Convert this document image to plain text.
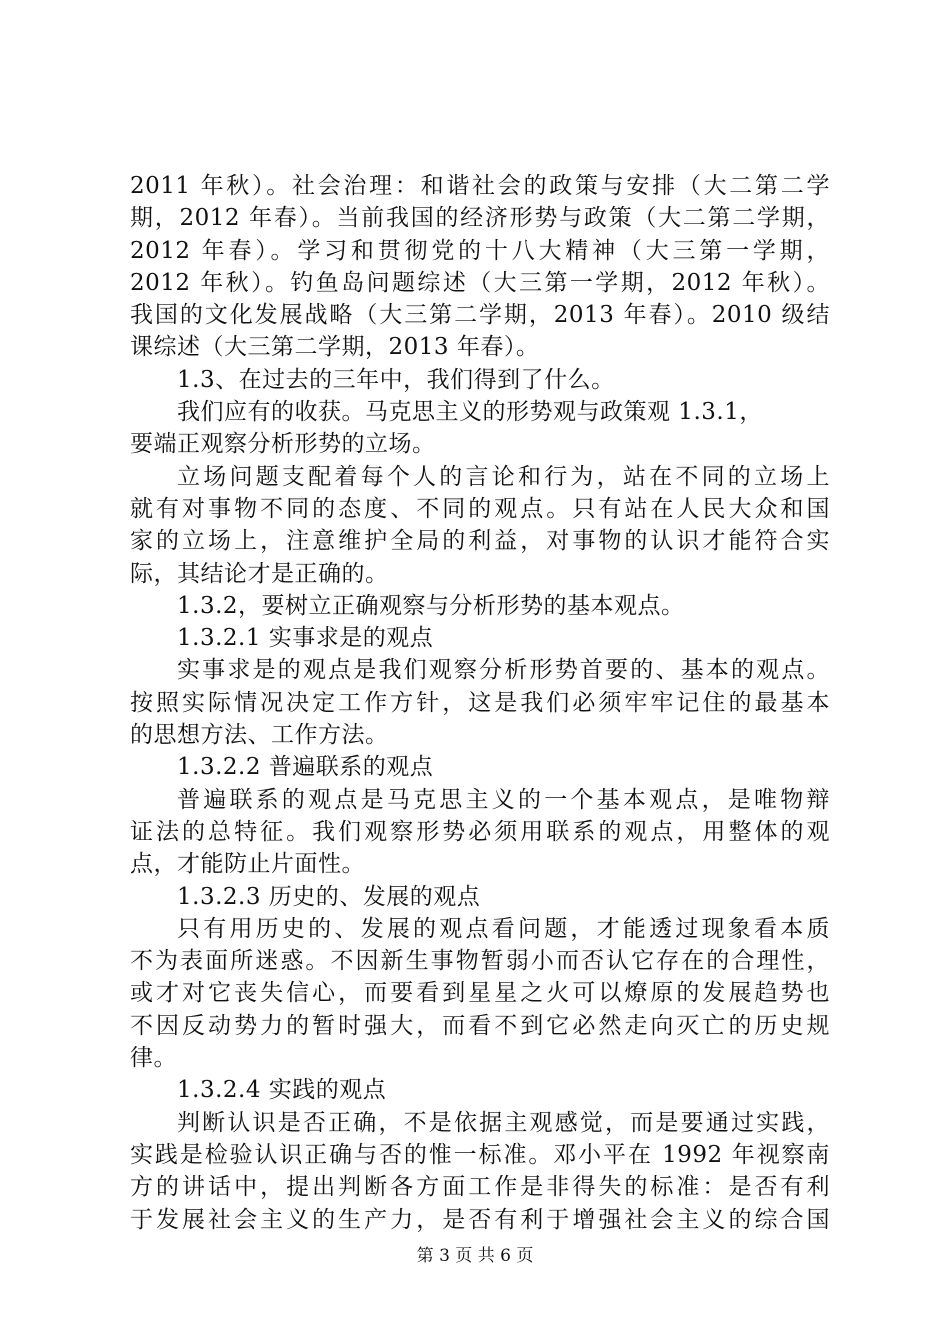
2011 年秋）。社会治理：和谐社会的政策与安排（大二第二学
期，2012 年春）。当前我国的经济形势与政策（大二第二学期，
2012 年春）。学习和贯彻党的十八大精神（大三第一学期，
2012 年秋）。钓鱼岛问题综述（大三第一学期，2012 年秋）。
我国的文化发展战略（大三第二学期，2013 年春）。2010 级结
课综述（大三第二学期，2013 年春）。
1.3、在过去的三年中，我们得到了什么。
我们应有的收获。马克思主义的形势观与政策观 1.3.1，
要端正观察分析形势的立场。
立场问题支配着每个人的言论和行为，站在不同的立场上
就有对事物不同的态度、不同的观点。只有站在人民大众和国
家的立场上，注意维护全局的利益，对事物的认识才能符合实
际，其结论才是正确的。
1.3.2，要树立正确观察与分析形势的基本观点。
1.3.2.1 实事求是的观点
实事求是的观点是我们观察分析形势首要的、基本的观点。
按照实际情况决定工作方针，这是我们必须牢牢记住的最基本
的思想方法、工作方法。
1.3.2.2 普遍联系的观点
普遍联系的观点是马克思主义的一个基本观点，是唯物辩
证法的总特征。我们观察形势必须用联系的观点，用整体的观
点，才能防止片面性。
1.3.2.3 历史的、发展的观点
只有用历史的、发展的观点看问题，才能透过现象看本质
不为表面所迷惑。不因新生事物暂弱小而否认它存在的合理性，
或才对它丧失信心，而要看到星星之火可以燎原的发展趋势也
不因反动势力的暂时强大，而看不到它必然走向灭亡的历史规
律。
1.3.2.4 实践的观点
判断认识是否正确，不是依据主观感觉，而是要通过实践，
实践是检验认识正确与否的惟一标准。邓小平在 1992 年视察南
方的讲话中，提出判断各方面工作是非得失的标准：是否有利
于发展社会主义的生产力，是否有利于增强社会主义的综合国
第 3 页 共 6 页
